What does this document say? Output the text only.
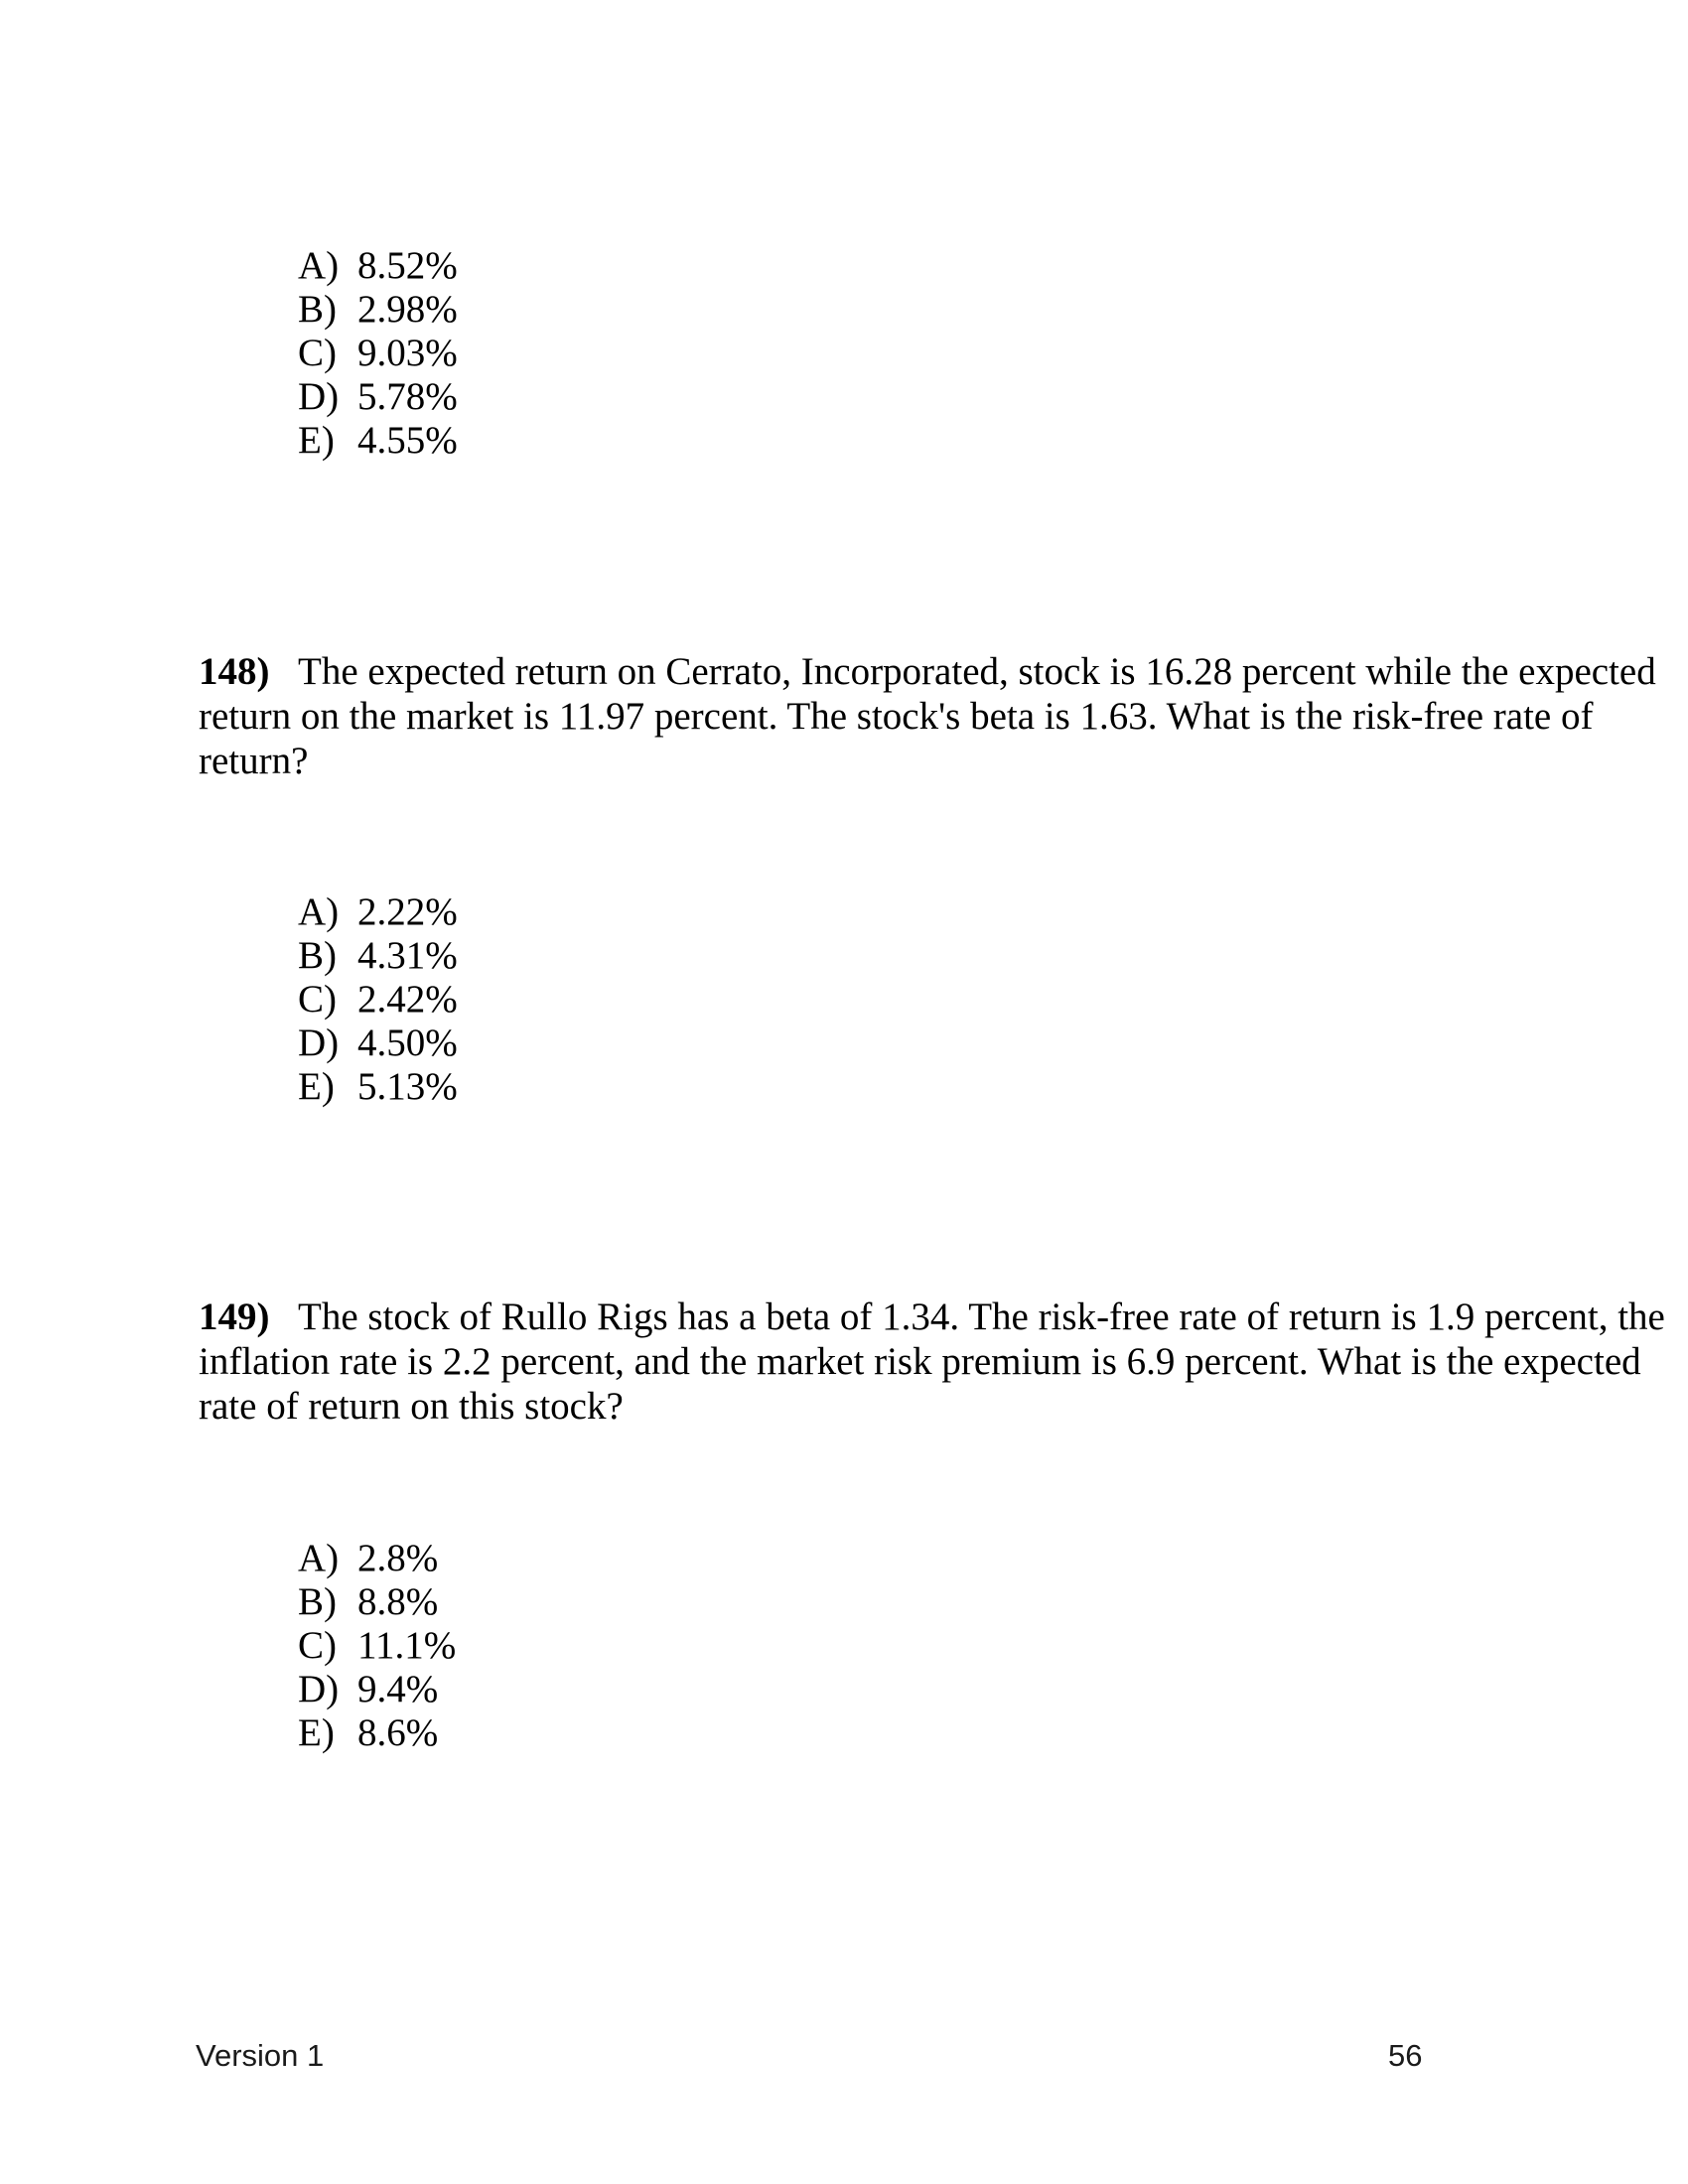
A) 8.52%
B) 2.98%
C) 9.03%
D) 5.78%
E) 4.55%
148) The expected return on Cerrato, Incorporated, stock is 16.28 percent while the expected
return on the market is 11.97 percent. The stock's beta is 1.63. What is the risk-free rate of
return?
A) 2.22%
B) 4.31%
C) 2.42%
D) 4.50%
E) 5.13%
149) The stock of Rullo Rigs has a beta of 1.34. The risk-free rate of return is 1.9 percent, the
inflation rate is 2.2 percent, and the market risk premium is 6.9 percent. What is the expected
rate of return on this stock?
A) 2.8%
B) 8.8%
C) 11.1%
D) 9.4%
E) 8.6%
Version 1	56
